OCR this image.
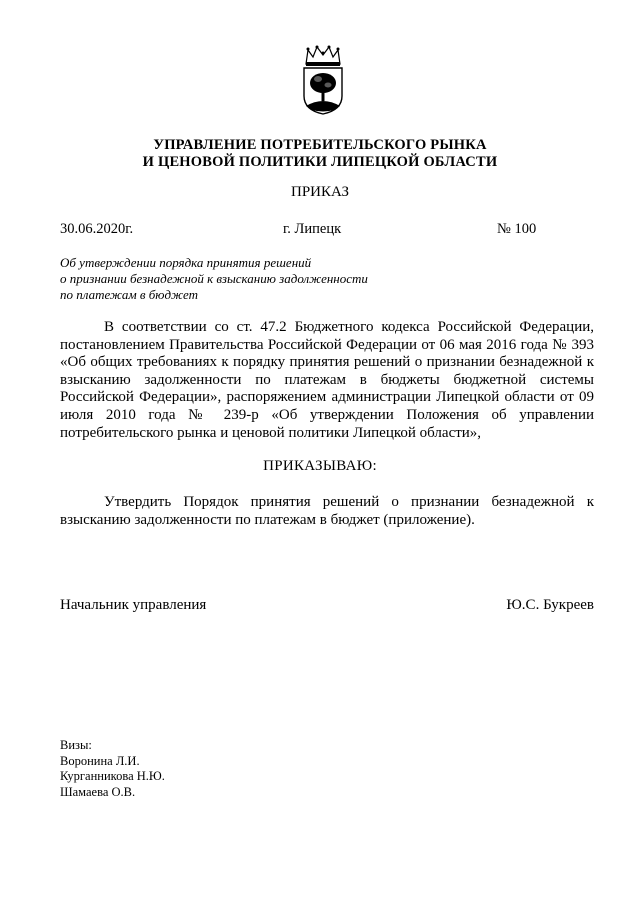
УПРАВЛЕНИЕ ПОТРЕБИТЕЛЬСКОГО РЫНКА
И ЦЕНОВОЙ ПОЛИТИКИ ЛИПЕЦКОЙ ОБЛАСТИ
ПРИКАЗ
30.06.2020г.	г. Липецк	№ 100
Об утверждении порядка принятия решений
о признании безнадежной к взысканию задолженности
по платежам в бюджет

В соответствии со ст. 47.2 Бюджетного кодекса Российской Федерации, постановлением Правительства Российской Федерации от 06 мая 2016 года № 393 «Об общих требованиях к порядку принятия решений о признании безнадежной к взысканию задолженности по платежам в бюджеты бюджетной системы Российской Федерации», распоряжением администрации Липецкой области от 09 июля 2010 года № 239-р «Об утверждении Положения об управлении потребительского рынка и ценовой политики Липецкой области»,

ПРИКАЗЫВАЮ:

Утвердить Порядок принятия решений о признании безнадежной к взысканию задолженности по платежам в бюджет (приложение).

Начальник управления	Ю.С. Букреев
Визы:
Воронина Л.И.
Курганникова Н.Ю.
Шамаева О.В.
